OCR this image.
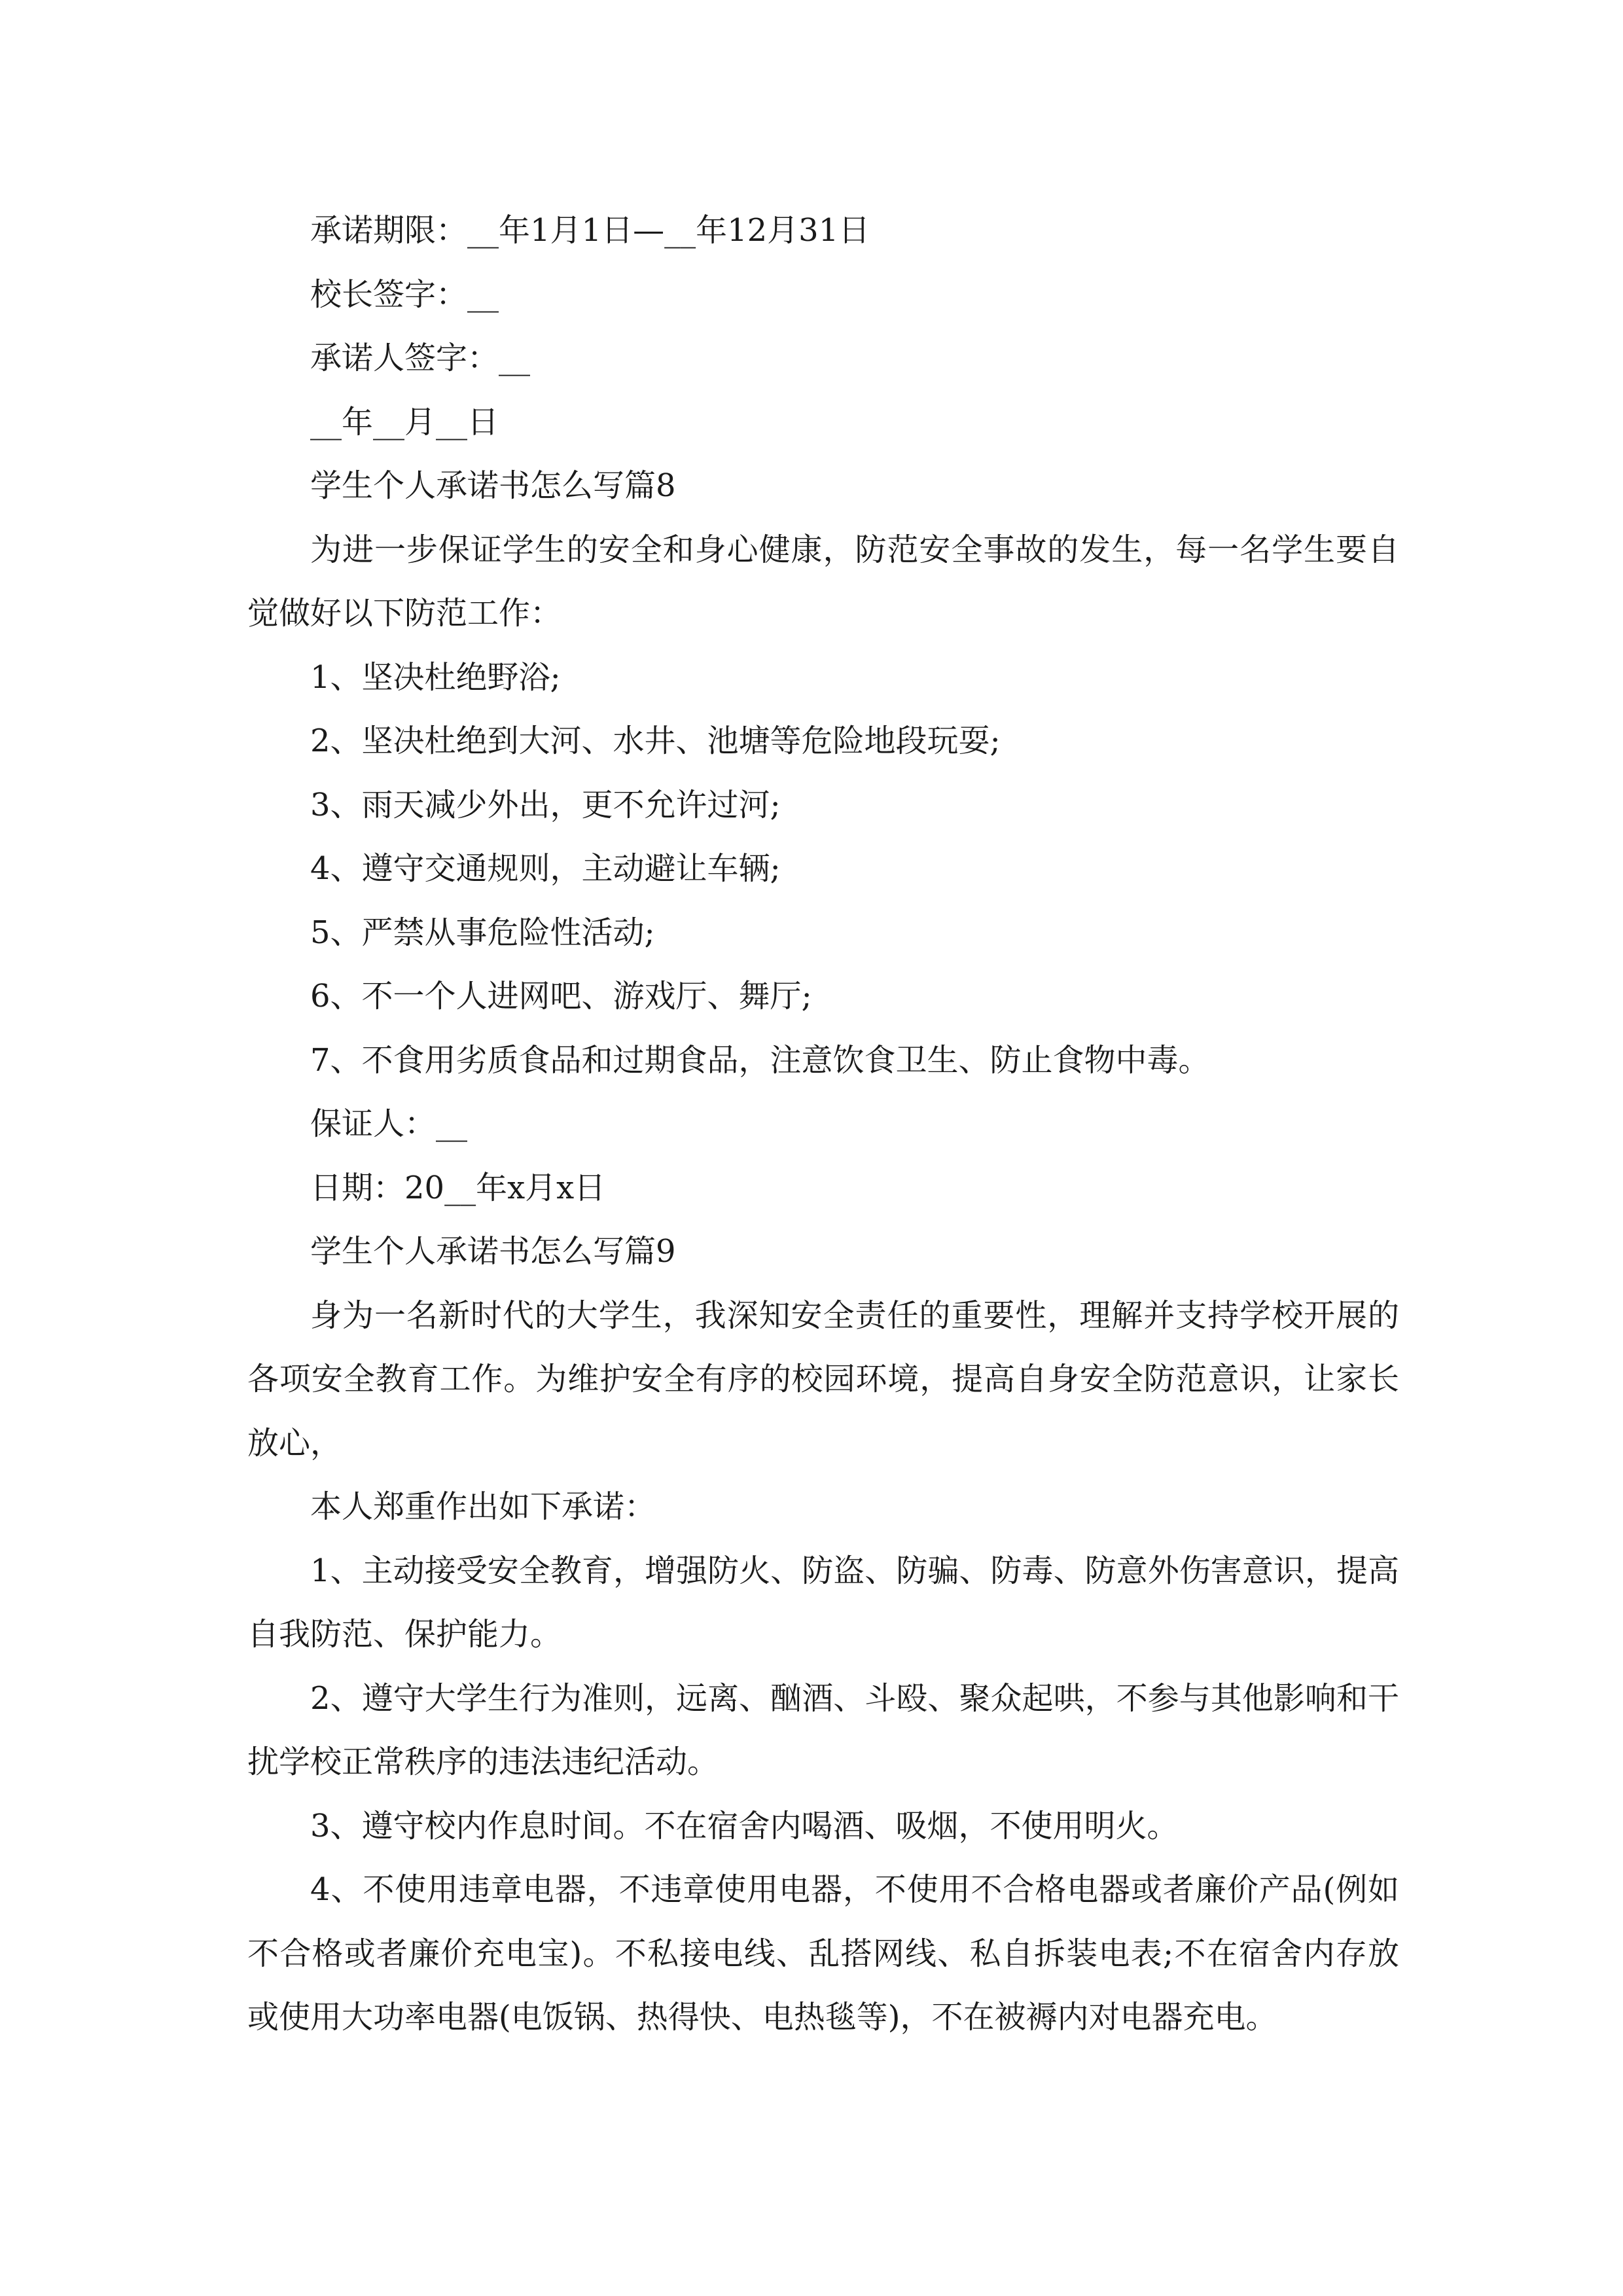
承诺期限：__年1月1日—__年12月31日

校长签字：__

承诺人签字：__

__年__月__日

学生个人承诺书怎么写篇8

为进一步保证学生的安全和身心健康，防范安全事故的发生，每一名学生要自觉做好以下防范工作：

1、坚决杜绝野浴;

2、坚决杜绝到大河、水井、池塘等危险地段玩耍;

3、雨天减少外出，更不允许过河;

4、遵守交通规则，主动避让车辆;

5、严禁从事危险性活动;

6、不一个人进网吧、游戏厅、舞厅;

7、不食用劣质食品和过期食品，注意饮食卫生、防止食物中毒。

保证人：__

日期：20__年x月x日

学生个人承诺书怎么写篇9

身为一名新时代的大学生，我深知安全责任的重要性，理解并支持学校开展的各项安全教育工作。为维护安全有序的校园环境，提高自身安全防范意识，让家长放心，

本人郑重作出如下承诺：

1、主动接受安全教育，增强防火、防盗、防骗、防毒、防意外伤害意识，提高自我防范、保护能力。

2、遵守大学生行为准则，远离、酗酒、斗殴、聚众起哄，不参与其他影响和干扰学校正常秩序的违法违纪活动。

3、遵守校内作息时间。不在宿舍内喝酒、吸烟，不使用明火。

4、不使用违章电器，不违章使用电器，不使用不合格电器或者廉价产品(例如不合格或者廉价充电宝)。不私接电线、乱搭网线、私自拆装电表;不在宿舍内存放或使用大功率电器(电饭锅、热得快、电热毯等)，不在被褥内对电器充电。
